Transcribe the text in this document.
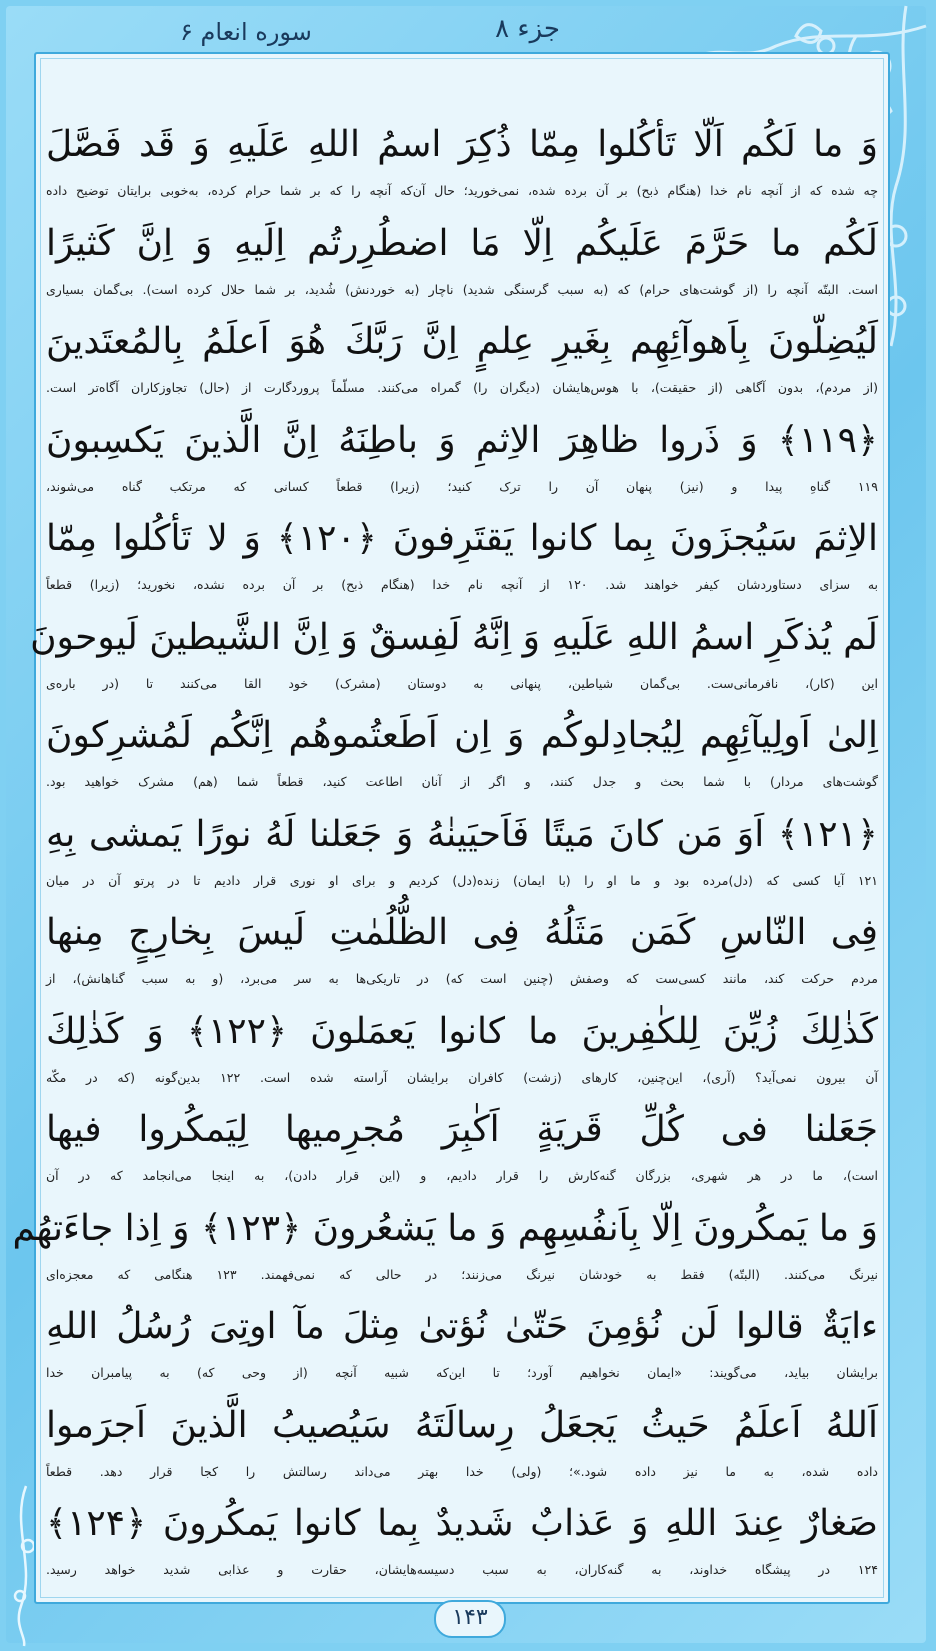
جزء ۸
سوره انعام ۶
وَ ما لَكُم اَلّا تَأكُلوا مِمّا ذُكِرَ اسمُ اللهِ عَلَيهِ وَ قَد فَصَّلَ
چه شده که از آنچه نام خدا (هنگام ذبح) بر آن برده شده، نمی‌خورید؛ حال آن‌که آنچه را که بر شما حرام کرده، به‌خوبی برایتان توضیح داده
لَكُم ما حَرَّمَ عَلَيكُم اِلّا مَا اضطُرِرتُم اِلَيهِ وَ اِنَّ كَثيرًا
است. البتّه آنچه را (از گوشت‌های حرام) که (به سبب گرسنگی شدید) ناچار (به خوردنش) شُدید، بر شما حلال کرده است). بی‌گمان بسیاری
لَيُضِلّونَ بِاَهوآئِهِم بِغَيرِ عِلمٍ اِنَّ رَبَّكَ هُوَ اَعلَمُ بِالمُعتَدينَ
(از مردم)، بدون آگاهی (از حقیقت)، با هوس‌هایشان (دیگران را) گمراه می‌کنند. مسلّماً پروردگارت از (حال) تجاوزکاران آگاه‌تر است.
﴿۱۱۹﴾ وَ ذَروا ظاهِرَ الاِثمِ وَ باطِنَهُ اِنَّ الَّذينَ يَكسِبونَ
۱۱۹ گناهِ پیدا و (نیز) پنهان آن را ترک کنید؛ (زیرا) قطعاً کسانی که مرتکب گناه می‌شوند،
الاِثمَ سَيُجزَونَ بِما كانوا يَقتَرِفونَ ﴿۱۲۰﴾ وَ لا تَأكُلوا مِمّا
به سزای دستاوردشان کیفر خواهند شد. ۱۲۰ از آنچه نام خدا (هنگام ذبح) بر آن برده نشده، نخورید؛ (زیرا) قطعاً
لَم يُذكَرِ اسمُ اللهِ عَلَيهِ وَ اِنَّهُ لَفِسقٌ وَ اِنَّ الشَّيطينَ لَيوحونَ
این (کار)، نافرمانی‌ست. بی‌گمان شیاطین، پنهانی به دوستان (مشرک) خود القا می‌کنند تا (در باره‌ی
اِلىٰ اَولِيآئِهِم لِيُجادِلوكُم وَ اِن اَطَعتُموهُم اِنَّكُم لَمُشرِكونَ
گوشت‌های مردار) با شما بحث و جدل کنند، و اگر از آنان اطاعت کنید، قطعاً شما (هم) مشرک خواهید بود.
﴿۱۲۱﴾ اَوَ مَن كانَ مَيتًا فَاَحيَينٰهُ وَ جَعَلنا لَهُ نورًا يَمشى بِهِ
۱۲۱ آیا کسی که (دل)مرده بود و ما او را (با ایمان) زنده(دل) کردیم و برای او نوری قرار دادیم تا در پرتو آن در میان
فِى النّاسِ كَمَن مَثَلُهُ فِى الظُّلُمٰتِ لَيسَ بِخارِجٍ مِنها
مردم حرکت کند، مانند کسی‌ست که وصفش (چنین است که) در تاریکی‌ها به سر می‌برد، (و به سبب گناهانش)، از
كَذٰلِكَ زُيِّنَ لِلكٰفِرينَ ما كانوا يَعمَلونَ ﴿۱۲۲﴾ وَ كَذٰلِكَ
آن بیرون نمی‌آید؟ (آری)، این‌چنین، کارهای (زشت) کافران برایشان آراسته شده است. ۱۲۲ بدین‌گونه (که در مکّه
جَعَلنا فى كُلِّ قَريَةٍ اَكٰبِرَ مُجرِميها لِيَمكُروا فيها
است)، ما در هر شهری، بزرگان گنه‌کارش را قرار دادیم، و (این قرار دادن)، به اینجا می‌انجامد که در آن
وَ ما يَمكُرونَ اِلّا بِاَنفُسِهِم وَ ما يَشعُرونَ ﴿۱۲۳﴾ وَ اِذا جاءَتهُم
نیرنگ می‌کنند. (البتّه) فقط به خودشان نیرنگ می‌زنند؛ در حالی که نمی‌فهمند. ۱۲۳ هنگامی که معجزه‌ای
ءايَةٌ قالوا لَن نُؤمِنَ حَتّىٰ نُؤتىٰ مِثلَ مآ اوتِىَ رُسُلُ اللهِ
برایشان بیاید، می‌گویند: «ایمان نخواهیم آورد؛ تا این‌که شبیه آنچه (از وحی که) به پیامبران خدا
اَللهُ اَعلَمُ حَيثُ يَجعَلُ رِسالَتَهُ سَيُصيبُ الَّذينَ اَجرَموا
داده شده، به ما نیز داده شود.»؛ (ولی) خدا بهتر می‌داند رسالتش را کجا قرار دهد. قطعاً
صَغارٌ عِندَ اللهِ وَ عَذابٌ شَديدٌ بِما كانوا يَمكُرونَ ﴿۱۲۴﴾
۱۲۴ در پیشگاه خداوند، به گنه‌کاران، به سبب دسیسه‌هایشان، حقارت و عذابی شدید خواهد رسید.
۱۴۳
